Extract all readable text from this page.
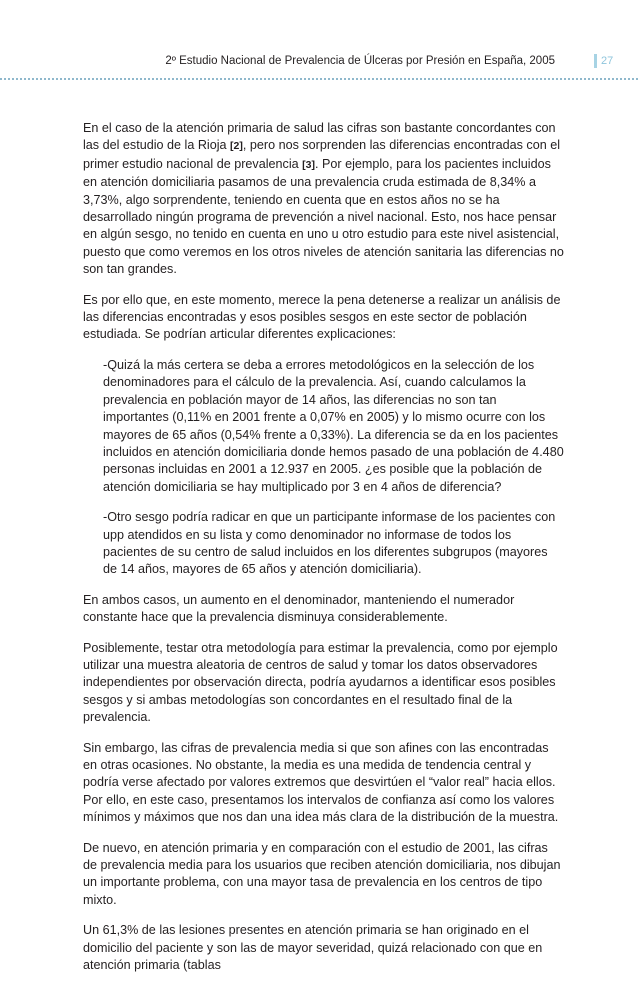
2º Estudio Nacional de Prevalencia de Úlceras por Presión en España, 2005	27

En el caso de la atención primaria de salud las cifras son bastante concordantes con las del estudio de la Rioja [2], pero nos sorprenden las diferencias encontradas con el primer estudio nacional de prevalencia [3]. Por ejemplo, para los pacientes incluidos en atención domiciliaria pasamos de una prevalencia cruda estimada de 8,34% a 3,73%, algo sorprendente, teniendo en cuenta que en estos años no se ha desarrollado ningún programa de prevención a nivel nacional. Esto, nos hace pensar en algún sesgo, no tenido en cuenta en uno u otro estudio para este nivel asistencial, puesto que como veremos en los otros niveles de atención sanitaria las diferencias no son tan grandes.

Es por ello que, en este momento, merece la pena detenerse a realizar un análisis de las diferencias encontradas y esos posibles sesgos en este sector de población estudiada. Se podrían articular diferentes explicaciones:

-Quizá la más certera se deba a errores metodológicos en la selección de los denominadores para el cálculo de la prevalencia. Así, cuando calculamos la prevalencia en población mayor de 14 años, las diferencias no son tan importantes (0,11% en 2001 frente a 0,07% en 2005) y lo mismo ocurre con los mayores de 65 años (0,54% frente a 0,33%). La diferencia se da en los pacientes incluidos en atención domiciliaria donde hemos pasado de una población de 4.480 personas incluidas en 2001 a 12.937 en 2005. ¿es posible que la población de atención domiciliaria se hay multiplicado por 3 en 4 años de diferencia?

-Otro sesgo podría radicar en que un participante informase de los pacientes con upp atendidos en su lista y como denominador no informase de todos los pacientes de su centro de salud incluidos en los diferentes subgrupos (mayores de 14 años, mayores de 65 años y atención domiciliaria).

En ambos casos, un aumento en el denominador, manteniendo el numerador constante hace que la prevalencia disminuya considerablemente.

Posiblemente, testar otra metodología para estimar la prevalencia, como por ejemplo utilizar una muestra aleatoria de centros de salud y tomar los datos observadores independientes por observación directa, podría ayudarnos a identificar esos posibles sesgos y si ambas metodologías son concordantes en el resultado final de la prevalencia.

Sin embargo, las cifras de prevalencia media si que son afines con las encontradas en otras ocasiones. No obstante, la media es una medida de tendencia central y podría verse afectado por valores extremos que desvirtúen el “valor real” hacia ellos. Por ello, en este caso, presentamos los intervalos de confianza así como los valores mínimos y máximos que nos dan una idea más clara de la distribución de la muestra.

De nuevo, en atención primaria y en comparación con el estudio de 2001, las cifras de prevalencia media para los usuarios que reciben atención domiciliaria, nos dibujan un importante problema, con una mayor tasa de prevalencia en los centros de tipo mixto.

Un 61,3% de las lesiones presentes en atención primaria se han originado en el domicilio del paciente y son las de mayor severidad, quizá relacionado con que en atención primaria (tablas
